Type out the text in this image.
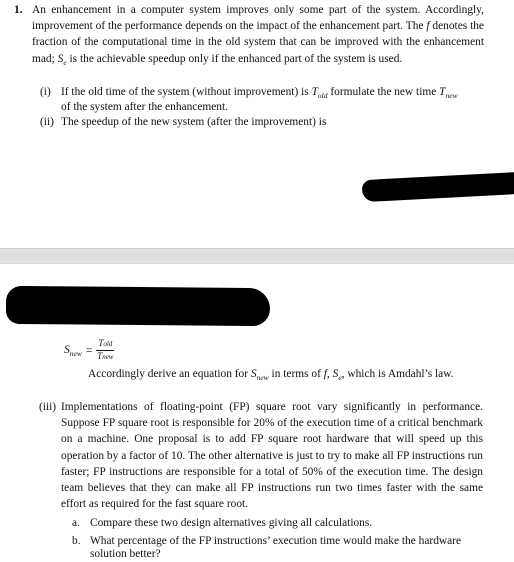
1. An enhancement in a computer system improves only some part of the system. Accordingly, improvement of the performance depends on the impact of the enhancement part. The f denotes the fraction of the computational time in the old system that can be improved with the enhancement mad; $S_e$ is the achievable speedup only if the enhanced part of the system is used.
(i) If the old time of the system (without improvement) is $T_{old}$ formulate the new time $T_{new}$
of the system after the enhancement.
(ii) The speedup of the new system (after the improvement) is
$S_{new} = \frac{\text{Told}}{\text{Tnew}}$
Accordingly derive an equation for $S_{new}$ in terms of f, $S_e$, which is Amdahl’s law.
(iii) Implementations of floating-point (FP) square root vary significantly in performance. Suppose FP square root is responsible for 20% of the execution time of a critical benchmark on a machine. One proposal is to add FP square root hardware that will speed up this operation by a factor of 10. The other alternative is just to try to make all FP instructions run faster; FP instructions are responsible for a total of 50% of the execution time. The design team believes that they can make all FP instructions run two times faster with the same effort as required for the fast square root.
a. Compare these two design alternatives giving all calculations.
b. What percentage of the FP instructions’ execution time would make the hardware
solution better?
